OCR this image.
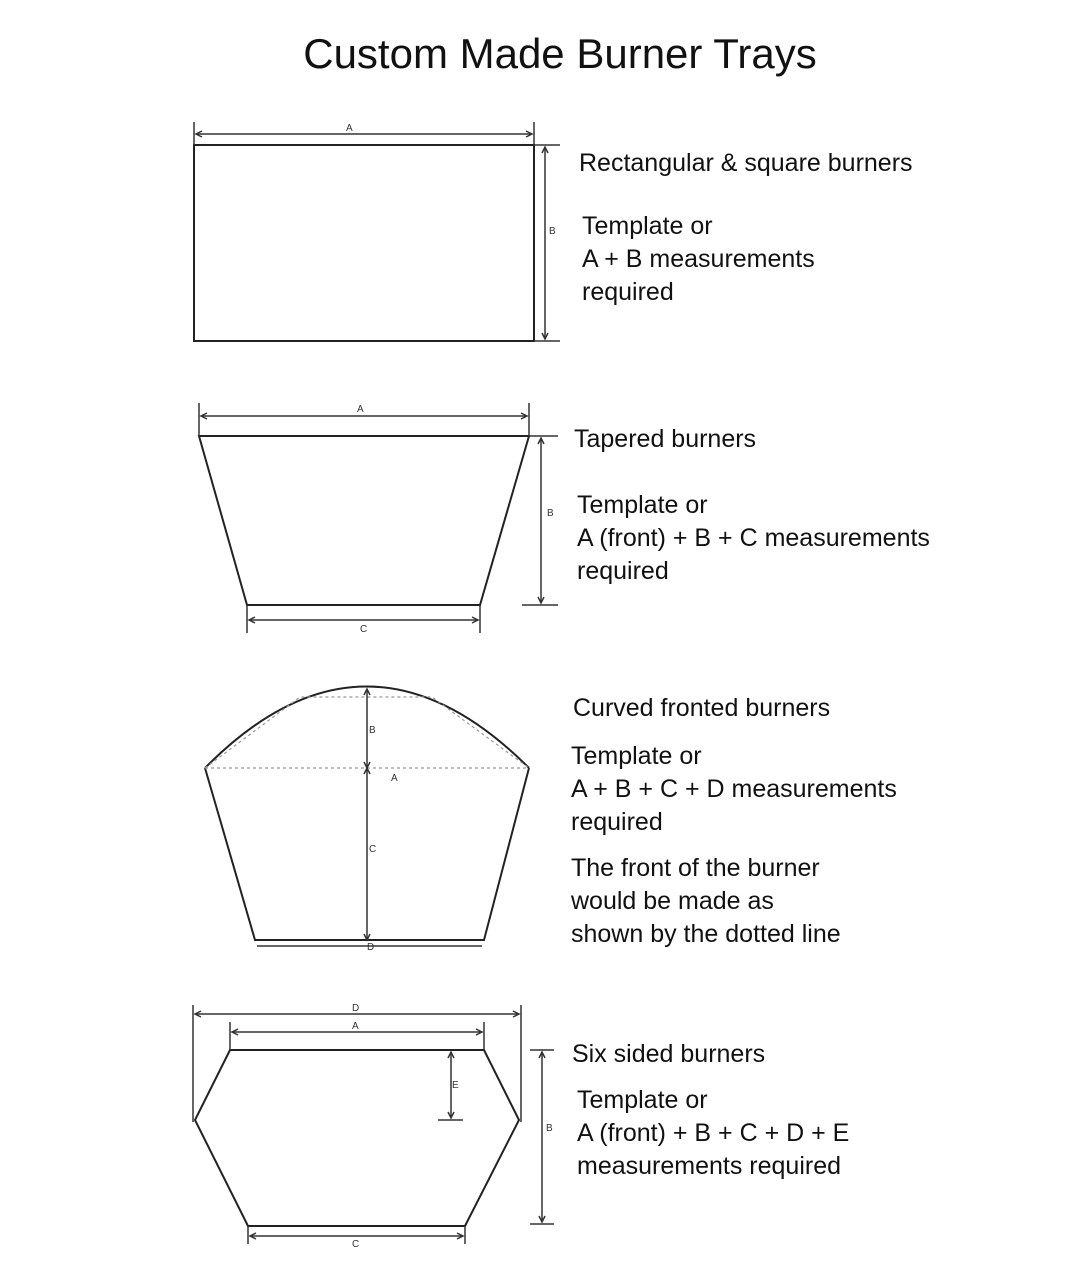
Custom Made Burner Trays
A
B
A
B
C
B
A
C
D
D
A
E
B
C
Rectangular & square burners
Template or
A + B measurements
required
Tapered burners
Template or
A (front) + B + C measurements
required
Curved fronted burners
Template or
A + B + C + D measurements
required
The front of the burner
would be made as
shown by the dotted line
Six sided burners
Template or
A (front) + B + C + D + E
measurements required
